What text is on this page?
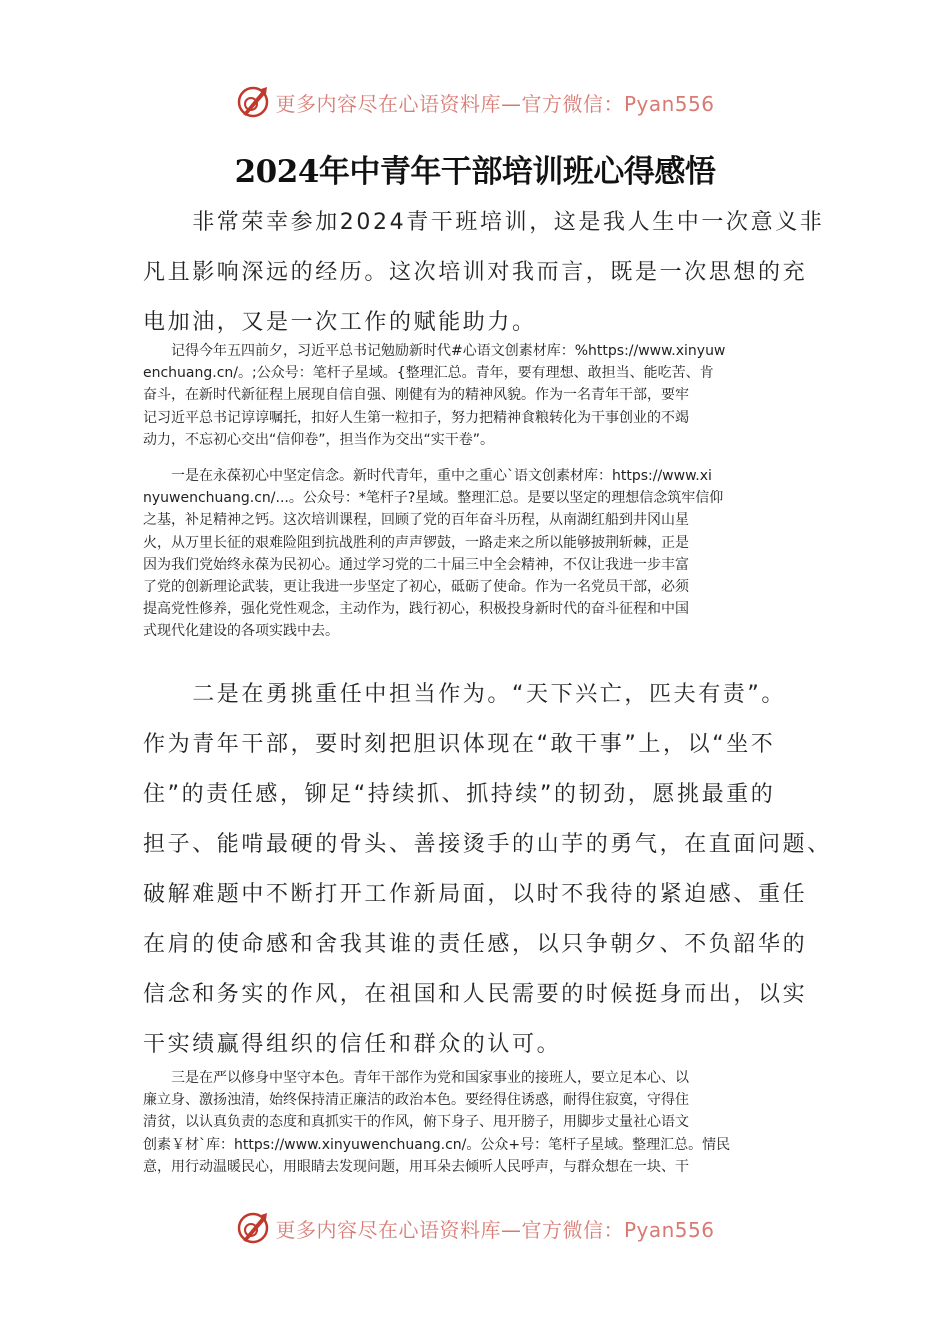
更多内容尽在心语资料库—官方微信：Pyan556
2024年中青年干部培训班心得感悟
　　非常荣幸参加2024青干班培训，这是我人生中一次意义非
凡且影响深远的经历。这次培训对我而言，既是一次思想的充
电加油，又是一次工作的赋能助力。
　　记得今年五四前夕，习近平总书记勉励新时代#心语文创素材库：%https://www.xinyuw
enchuang.cn/。;公众号：笔杆子星域。{整理汇总。青年，要有理想、敢担当、能吃苦、肯
奋斗，在新时代新征程上展现自信自强、刚健有为的精神风貌。作为一名青年干部，要牢
记习近平总书记谆谆嘱托，扣好人生第一粒扣子，努力把精神食粮转化为干事创业的不竭
动力，不忘初心交出“信仰卷”，担当作为交出“实干卷”。
　　一是在永葆初心中坚定信念。新时代青年，重中之重心`语文创素材库：https://www.xi
nyuwenchuang.cn/...。公众号：*笔杆子?星域。整理汇总。是要以坚定的理想信念筑牢信仰
之基，补足精神之钙。这次培训课程，回顾了党的百年奋斗历程，从南湖红船到井冈山星
火，从万里长征的艰难险阻到抗战胜利的声声锣鼓，一路走来之所以能够披荆斩棘，正是
因为我们党始终永葆为民初心。通过学习党的二十届三中全会精神，不仅让我进一步丰富
了党的创新理论武装，更让我进一步坚定了初心，砥砺了使命。作为一名党员干部，必须
提高党性修养，强化党性观念，主动作为，践行初心，积极投身新时代的奋斗征程和中国
式现代化建设的各项实践中去。
　　二是在勇挑重任中担当作为。“天下兴亡，匹夫有责”。
作为青年干部，要时刻把胆识体现在“敢干事”上，以“坐不
住”的责任感，铆足“持续抓、抓持续”的韧劲，愿挑最重的
担子、能啃最硬的骨头、善接烫手的山芋的勇气，在直面问题、
破解难题中不断打开工作新局面，以时不我待的紧迫感、重任
在肩的使命感和舍我其谁的责任感，以只争朝夕、不负韶华的
信念和务实的作风，在祖国和人民需要的时候挺身而出，以实
干实绩赢得组织的信任和群众的认可。
　　三是在严以修身中坚守本色。青年干部作为党和国家事业的接班人，要立足本心、以
廉立身、激扬浊清，始终保持清正廉洁的政治本色。要经得住诱惑，耐得住寂寞，守得住
清贫，以认真负责的态度和真抓实干的作风，俯下身子、甩开膀子，用脚步丈量社心语文
创素￥材`库：https://www.xinyuwenchuang.cn/。公众+号：笔杆子星域。整理汇总。情民
意，用行动温暖民心，用眼睛去发现问题，用耳朵去倾听人民呼声，与群众想在一块、干
更多内容尽在心语资料库—官方微信：Pyan556
